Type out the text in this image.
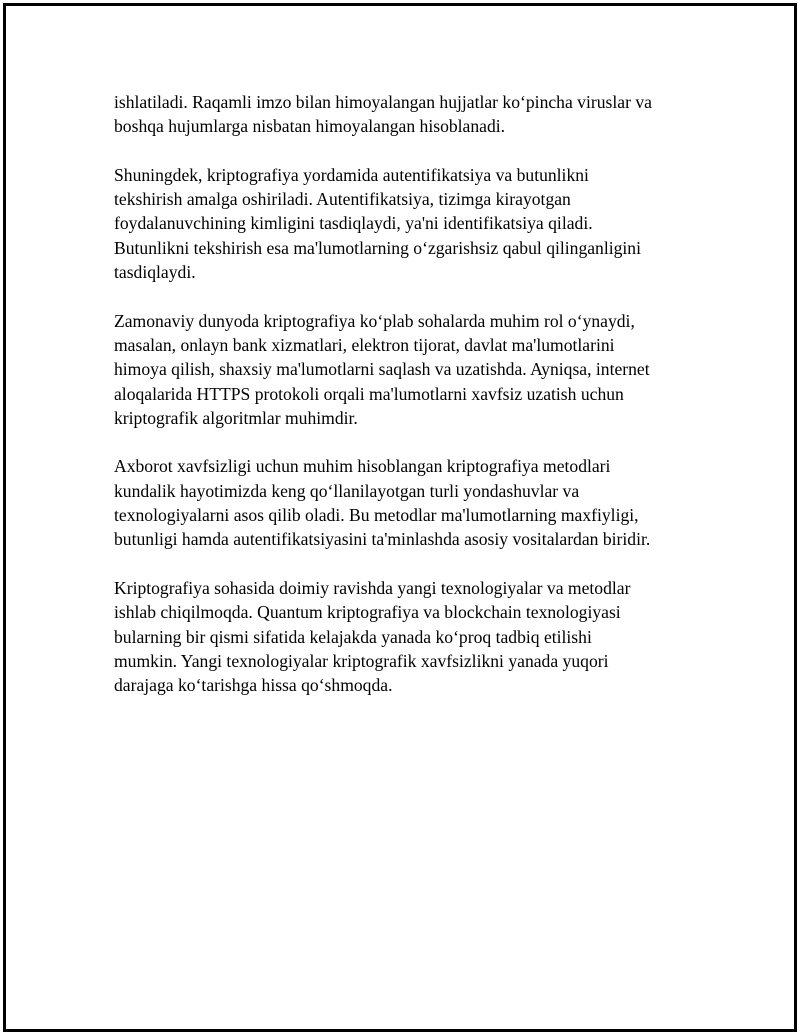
ishlatiladi. Raqamli imzo bilan himoyalangan hujjatlar ko‘pincha viruslar va
boshqa hujumlarga nisbatan himoyalangan hisoblanadi.

Shuningdek, kriptografiya yordamida autentifikatsiya va butunlikni
tekshirish amalga oshiriladi. Autentifikatsiya, tizimga kirayotgan
foydalanuvchining kimligini tasdiqlaydi, ya'ni identifikatsiya qiladi.
Butunlikni tekshirish esa ma'lumotlarning o‘zgarishsiz qabul qilinganligini
tasdiqlaydi.

Zamonaviy dunyoda kriptografiya ko‘plab sohalarda muhim rol o‘ynaydi,
masalan, onlayn bank xizmatlari, elektron tijorat, davlat ma'lumotlarini
himoya qilish, shaxsiy ma'lumotlarni saqlash va uzatishda. Ayniqsa, internet
aloqalarida HTTPS protokoli orqali ma'lumotlarni xavfsiz uzatish uchun
kriptografik algoritmlar muhimdir.

Axborot xavfsizligi uchun muhim hisoblangan kriptografiya metodlari
kundalik hayotimizda keng qo‘llanilayotgan turli yondashuvlar va
texnologiyalarni asos qilib oladi. Bu metodlar ma'lumotlarning maxfiyligi,
butunligi hamda autentifikatsiyasini ta'minlashda asosiy vositalardan biridir.

Kriptografiya sohasida doimiy ravishda yangi texnologiyalar va metodlar
ishlab chiqilmoqda. Quantum kriptografiya va blockchain texnologiyasi
bularning bir qismi sifatida kelajakda yanada ko‘proq tadbiq etilishi
mumkin. Yangi texnologiyalar kriptografik xavfsizlikni yanada yuqori
darajaga ko‘tarishga hissa qo‘shmoqda.
